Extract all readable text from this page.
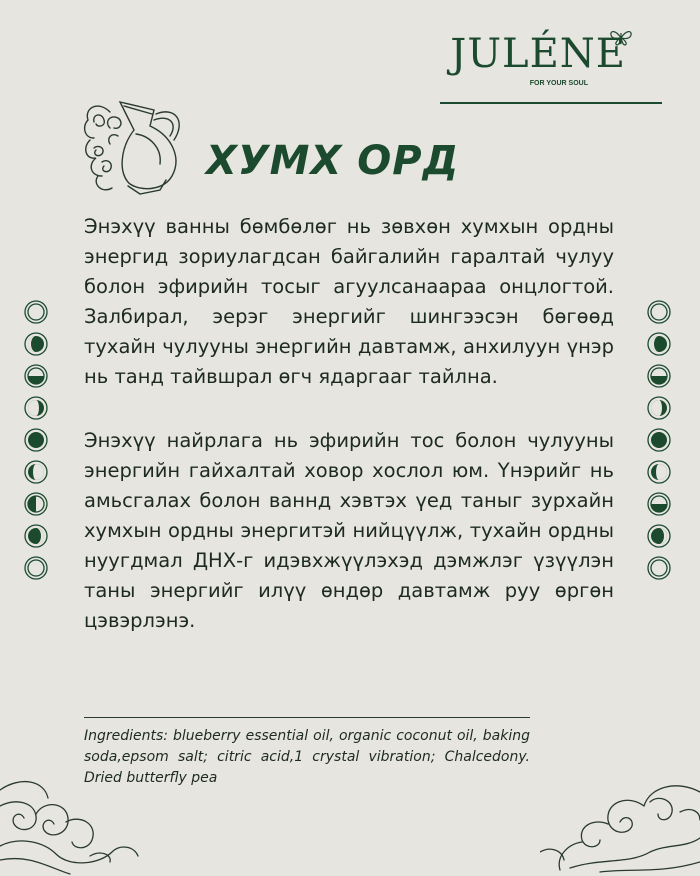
JULÉNE
FOR YOUR SOUL
ХУМХ ОРД

Энэхүү ванны бөмбөлөг нь зөвхөн хумхын ордны энергид зориулагдсан байгалийн гаралтай чулуу болон эфирийн тосыг агуулсанаараа онцлогтой. Залбирал, эерэг энергийг шингээсэн бөгөөд тухайн чулууны энергийн давтамж, анхилуун үнэр нь танд тайвшрал өгч ядаргааг тайлна.

Энэхүү найрлага нь эфирийн тос болон чулууны энергийн гайхалтай ховор хослол юм. Үнэрийг нь амьсгалах болон ваннд хэвтэх үед таныг зурхайн хумхын ордны энергитэй нийцүүлж, тухайн ордны нуугдмал ДНХ-г идэвхжүүлэхэд дэмжлэг үзүүлэн таны энергийг илүү өндөр давтамж руу өргөн цэвэрлэнэ.

Ingredients: blueberry essential oil, organic coconut oil, baking soda,epsom salt; citric acid,1 crystal vibration; Chalcedony. Dried butterfly pea
